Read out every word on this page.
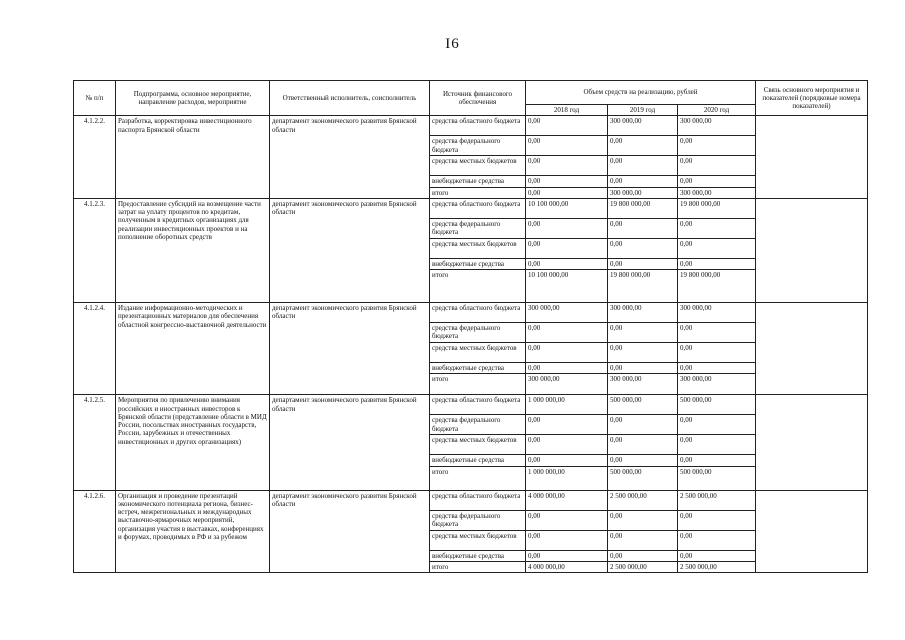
I6
№ п/п	Подпрограмма, основное мероприятие, направление расходов, мероприятие	Ответственный исполнитель, соисполнитель	Источник финансового обеспечения	Объем средств на реализацию, рублей			Связь основного мероприятия и показателей (порядковые номера показателей)
				2018 год	2019 год	2020 год	
4.1.2.2.	Разработка, корректировка инвестиционного паспорта Брянской области	департамент экономического развития Брянской области	средства областного бюджета	0,00	300 000,00	300 000,00	
			средства федерального бюджета	0,00	0,00	0,00	
			средства местных бюджетов	0,00	0,00	0,00	
			внебюджетные средства	0,00	0,00	0,00	
			итого	0,00	300 000,00	300 000,00	
4.1.2.3.	Предоставление субсидий на возмещение части затрат на уплату процентов по кредитам, полученным в кредитных организациях для реализации инвестиционных проектов и на пополнение оборотных средств	департамент экономического развития Брянской области	средства областного бюджета	10 100 000,00	19 800 000,00	19 800 000,00	
			средства федерального бюджета	0,00	0,00	0,00	
			средства местных бюджетов	0,00	0,00	0,00	
			внебюджетные средства	0,00	0,00	0,00	
			итого	10 100 000,00	19 800 000,00	19 800 000,00	
4.1.2.4.	Издание информационно-методических и презентационных материалов для обеспечения областной конгрессно-выставочной деятельности	департамент экономического развития Брянской области	средства областного бюджета	300 000,00	300 000,00	300 000,00	
			средства федерального бюджета	0,00	0,00	0,00	
			средства местных бюджетов	0,00	0,00	0,00	
			внебюджетные средства	0,00	0,00	0,00	
			итого	300 000,00	300 000,00	300 000,00	
4.1.2.5.	Мероприятия по привлечению внимания российских и иностранных инвесторов к Брянской области (представление области в МИД России, посольствах иностранных государств, России, зарубежных и отечественных инвестиционных и других организациях)	департамент экономического развития Брянской области	средства областного бюджета	1 000 000,00	500 000,00	500 000,00	
			средства федерального бюджета	0,00	0,00	0,00	
			средства местных бюджетов	0,00	0,00	0,00	
			внебюджетные средства	0,00	0,00	0,00	
			итого	1 000 000,00	500 000,00	500 000,00	
4.1.2.6.	Организация и проведение презентаций экономического потенциала региона, бизнес-встреч, межрегиональных и международных выставочно-ярмарочных мероприятий, организация участия в выставках, конференциях и форумах, проводимых в РФ и за рубежом	департамент экономического развития Брянской области	средства областного бюджета	4 000 000,00	2 500 000,00	2 500 000,00	
			средства федерального бюджета	0,00	0,00	0,00	
			средства местных бюджетов	0,00	0,00	0,00	
			внебюджетные средства	0,00	0,00	0,00	
			итого	4 000 000,00	2 500 000,00	2 500 000,00	
